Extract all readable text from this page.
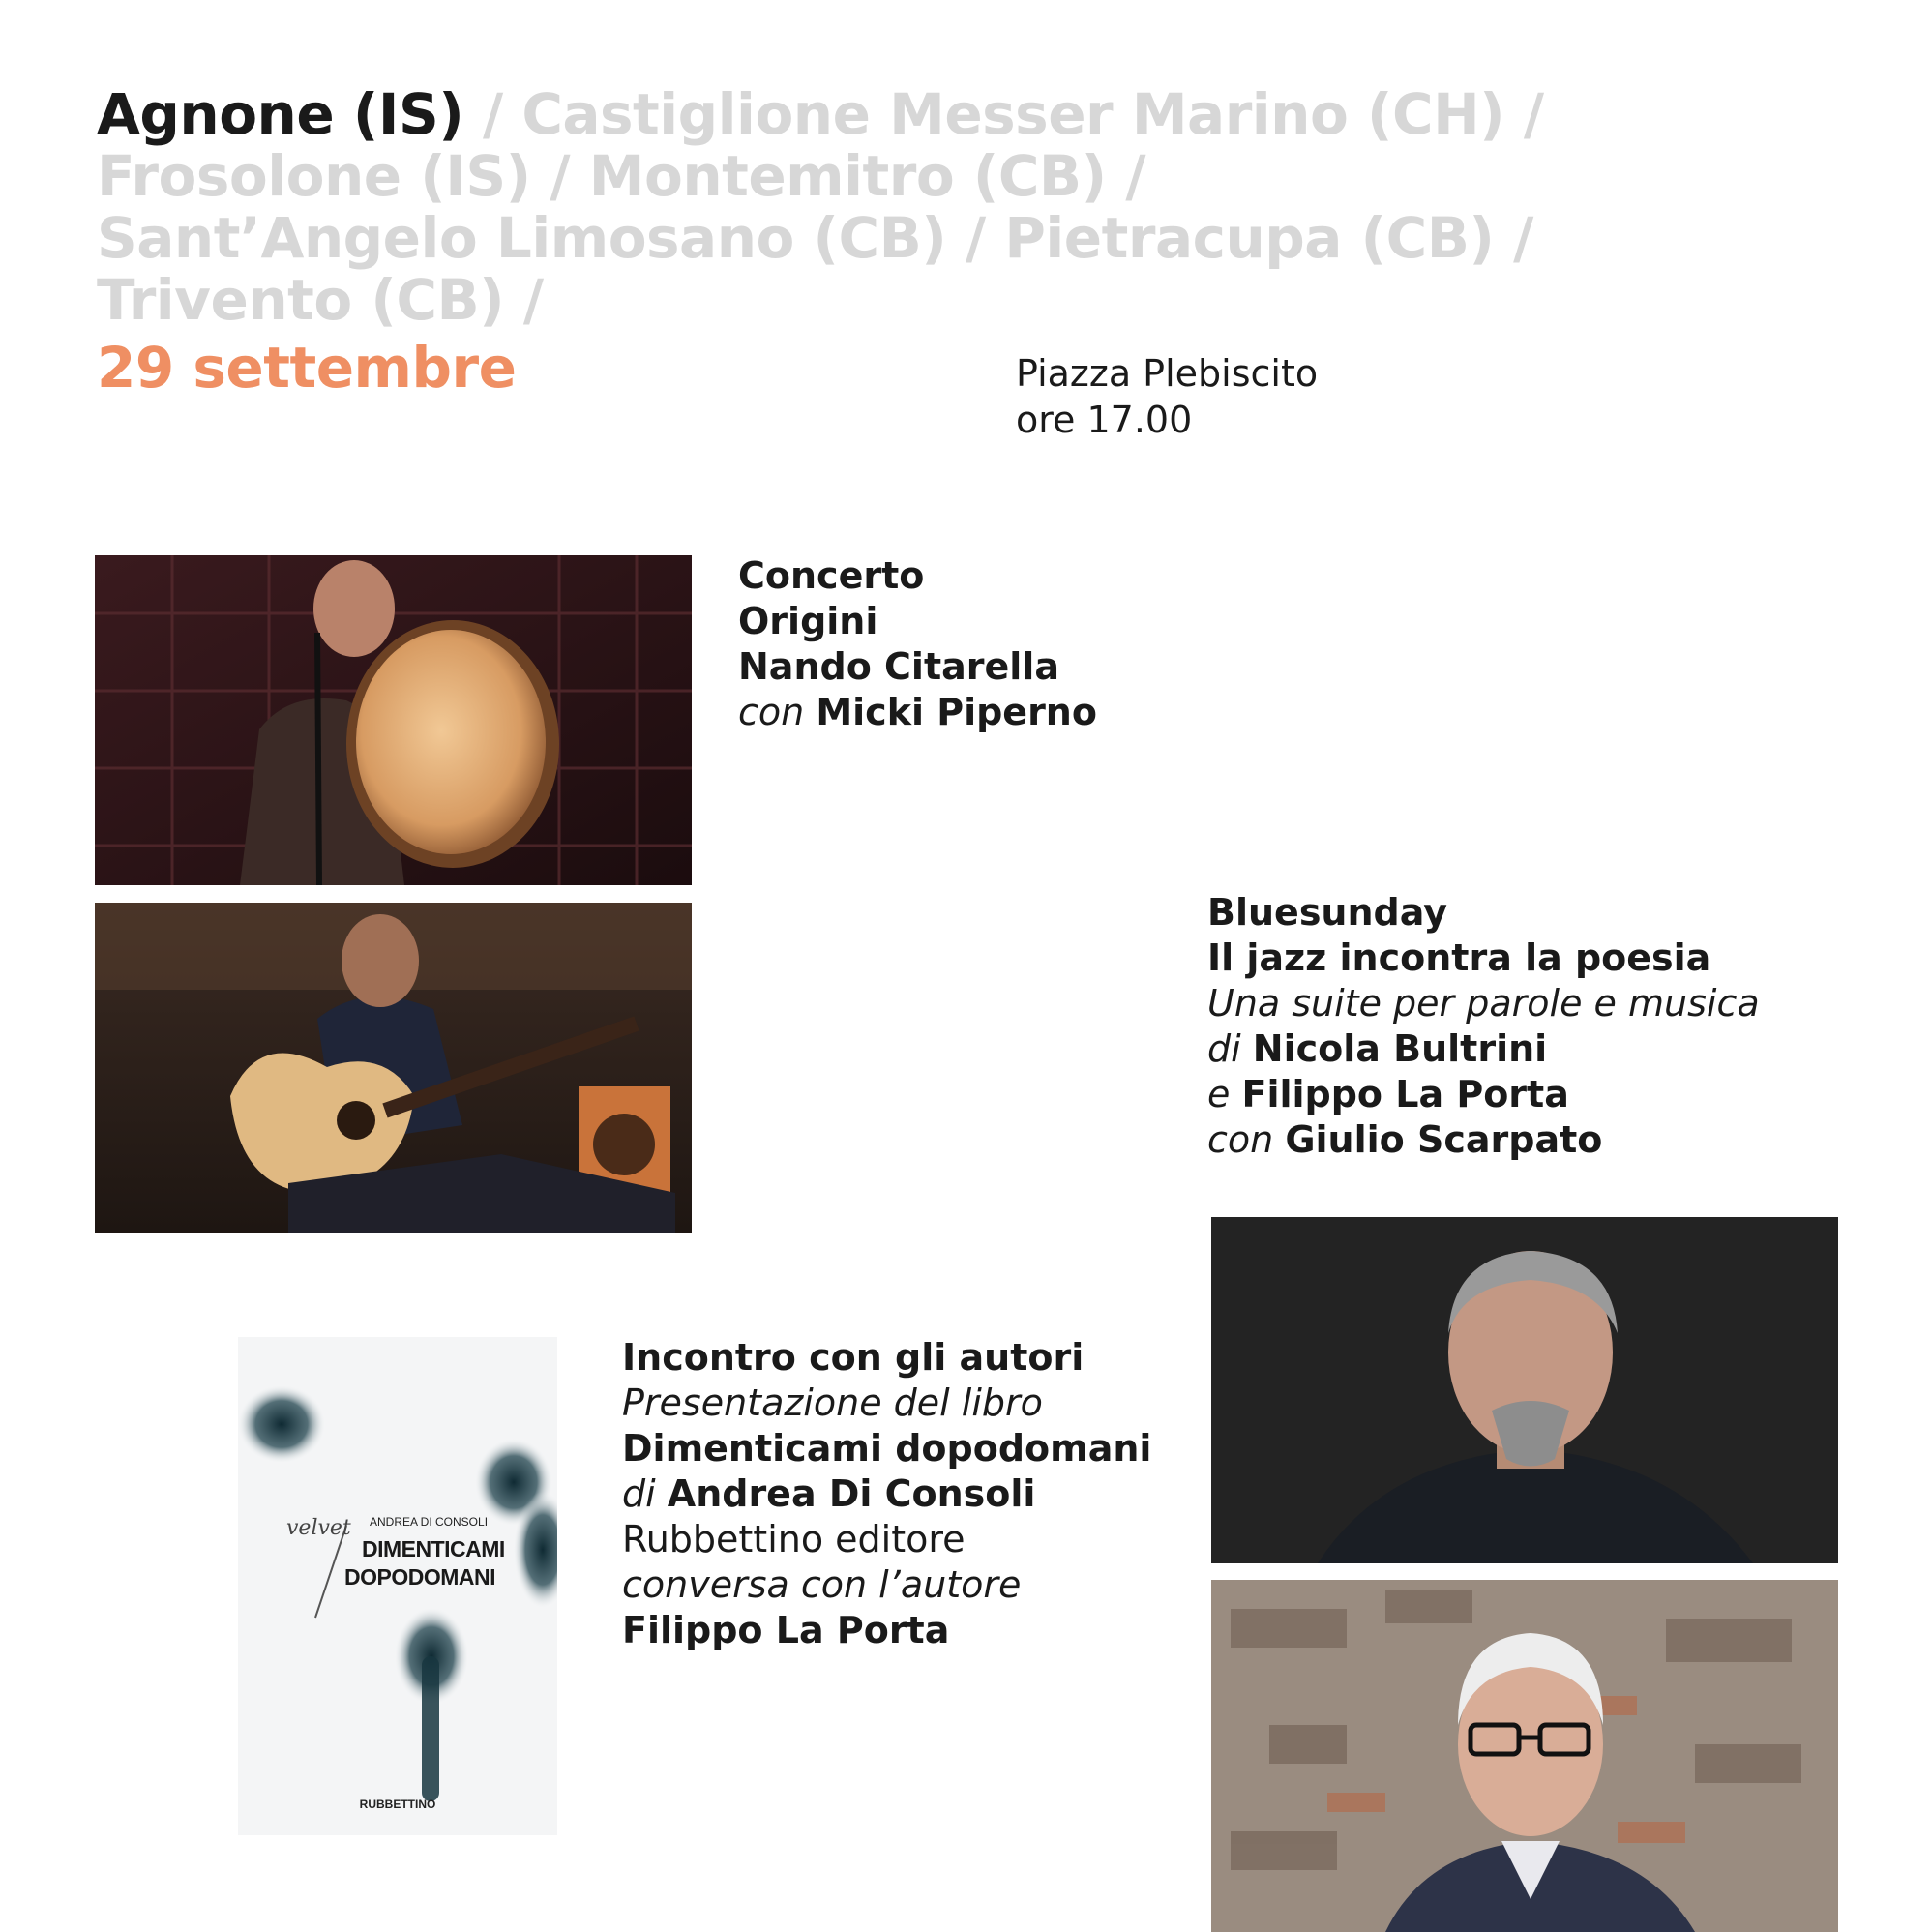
Agnone (IS) / Castiglione Messer Marino (CH) /
Frosolone (IS) / Montemitro (CB) /
Sant’Angelo Limosano (CB) / Pietracupa (CB) /
Trivento (CB) /
29 settembre	Piazza Plebiscito
ore 17.00
Concerto
Origini
Nando Citarella
con Micki Piperno
Bluesunday
Il jazz incontra la poesia
Una suite per parole e musica
di Nicola Bultrini
e Filippo La Porta
con Giulio Scarpato
velvet ANDREA DI CONSOLI
DIMENTICAMI
DOPODOMANI
RUBBETTINO
Incontro con gli autori
Presentazione del libro
Dimenticami dopodomani
di Andrea Di Consoli
Rubbettino editore
conversa con l’autore
Filippo La Porta
